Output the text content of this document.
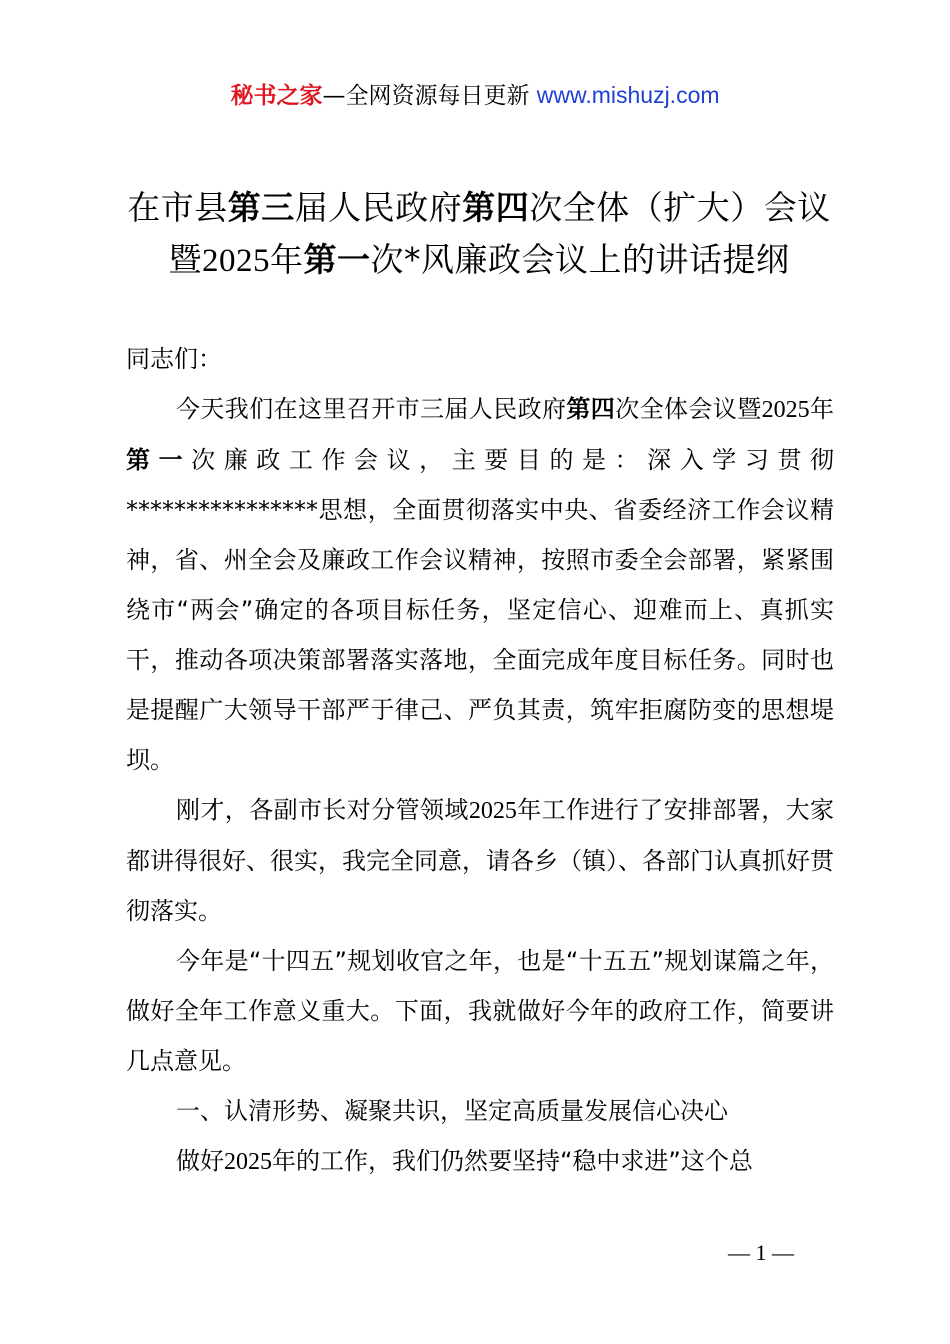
秘书之家—全网资源每日更新 www.mishuzj.com
在市县第三届人民政府第四次全体（扩大）会议暨2025年第一次*风廉政会议上的讲话提纲

同志们：

今天我们在这里召开市三届人民政府第四次全体会议暨2025年第一次廉政工作会议，主要目的是：深入学习贯彻****************思想，全面贯彻落实中央、省委经济工作会议精神，省、州全会及廉政工作会议精神，按照市委全会部署，紧紧围绕市“两会”确定的各项目标任务，坚定信心、迎难而上、真抓实干，推动各项决策部署落实落地，全面完成年度目标任务。同时也是提醒广大领导干部严于律己、严负其责，筑牢拒腐防变的思想堤坝。

刚才，各副市长对分管领域2025年工作进行了安排部署，大家都讲得很好、很实，我完全同意，请各乡（镇）、各部门认真抓好贯彻落实。

今年是“十四五”规划收官之年，也是“十五五”规划谋篇之年，做好全年工作意义重大。下面，我就做好今年的政府工作，简要讲几点意见。

一、认清形势、凝聚共识，坚定高质量发展信心决心

做好2025年的工作，我们仍然要坚持“稳中求进”这个总

— 1 —
